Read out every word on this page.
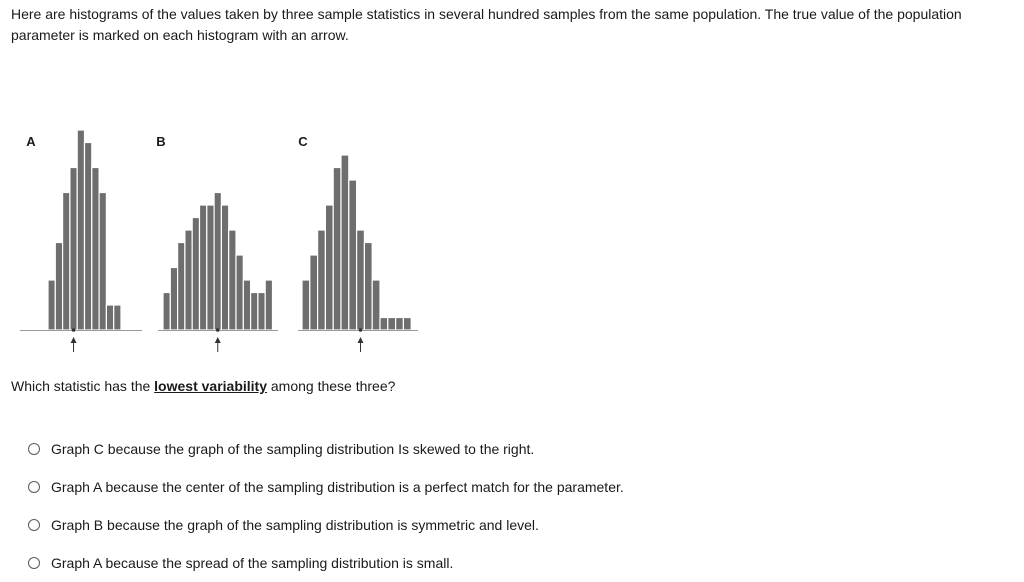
Here are histograms of the values taken by three sample statistics in several hundred samples from the same population. The true value of the population parameter is marked on each histogram with an arrow.
A	B	C
Which statistic has the lowest variability among these three?
Graph C because the graph of the sampling distribution Is skewed to the right.
Graph A because the center of the sampling distribution is a perfect match for the parameter.
Graph B because the graph of the sampling distribution is symmetric and level.
Graph A because the spread of the sampling distribution is small.
